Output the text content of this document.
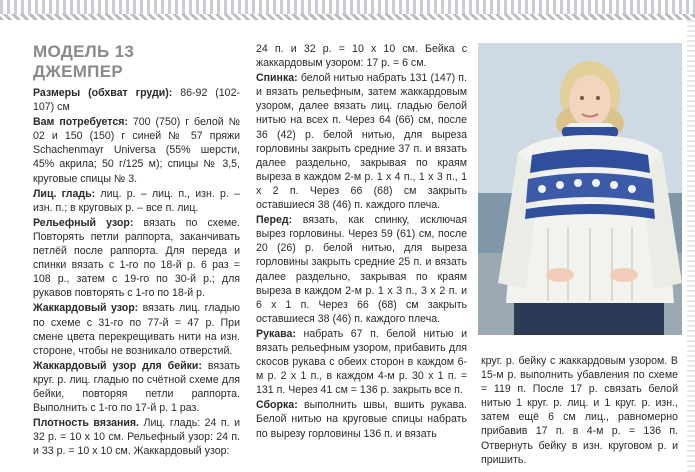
МОДЕЛЬ 13
ДЖЕМПЕР

Размеры (обхват груди): 86-92 (102-107) см

Вам потребуется: 700 (750) г белой № 02 и 150 (150) г синей № 57 пряжи Schachenmayr Universa (55% шерсти, 45% акрила; 50 г/125 м); спицы № 3,5, круговые спицы № 3.

Лиц. гладь: лиц. р. – лиц. п., изн. р. – изн. п.; в круговых р. – все п. лиц.

Рельефный узор: вязать по схеме. Повторять петли раппорта, заканчивать петлёй после раппорта. Для переда и спинки вязать с 1-го по 18-й р. 6 раз = 108 р., затем с 19-го по 30-й р.; для рукавов повторять с 1-го по 18-й р.

Жаккардовый узор: вязать лиц. гладью по схеме с 31-го по 77-й = 47 р. При смене цвета перекрещивать нити на изн. стороне, чтобы не возникало отверстий.

Жаккардовый узор для бейки: вязать круг. р. лиц. гладью по счётной схеме для бейки, повторяя петли раппорта. Выполнить с 1-го по 17-й р. 1 раз.

Плотность вязания. Лиц. гладь: 24 п. и 32 р. = 10 х 10 см. Рельефный узор: 24 п. и 33 р. = 10 х 10 см. Жаккардовый узор:

24 п. и 32 р. = 10 х 10 см. Бейка с жаккардовым узором: 17 р. = 6 см.

Спинка: белой нитью набрать 131 (147) п. и вязать рельефным, затем жаккардовым узором, далее вязать лиц. гладью белой нитью на всех п. Через 64 (66) см, после 36 (42) р. белой нитью, для выреза горловины закрыть средние 37 п. и вязать далее раздельно, закрывая по краям выреза в каждом 2-м р. 1 х 4 п., 1 х 3 п., 1 х 2 п. Через 66 (68) см закрыть оставшиеся 38 (46) п. каждого плеча.

Перед: вязать, как спинку, исключая вырез горловины. Через 59 (61) см, после 20 (26) р. белой нитью, для выреза горловины закрыть средние 25 п. и вязать далее раздельно, закрывая по краям выреза в каждом 2-м р. 1 х 3 п., 3 х 2 п. и 6 х 1 п. Через 66 (68) см закрыть оставшиеся 38 (46) п. каждого плеча.

Рукава: набрать 67 п. белой нитью и вязать рельефным узором, прибавить для скосов рукава с обеих сторон в каждом 6-м р. 2 х 1 п., в каждом 4-м р. 30 х 1 п. = 131 п. Через 41 см = 136 р. закрыть все п.

Сборка: выполнить швы, вшить рукава. Белой нитью на круговые спицы набрать по вырезу горловины 136 п. и вязать

круг. р. бейку с жаккардовым узором. В 15-м р. выполнить убавления по схеме = 119 п. После 17 р. связать белой нитью 1 круг. р. лиц. и 1 круг. р. изн., затем ещё 6 см лиц., равномерно прибавив 17 п. в 4-м р. = 136 п. Отвернуть бейку в изн. круговом р. и пришить.
